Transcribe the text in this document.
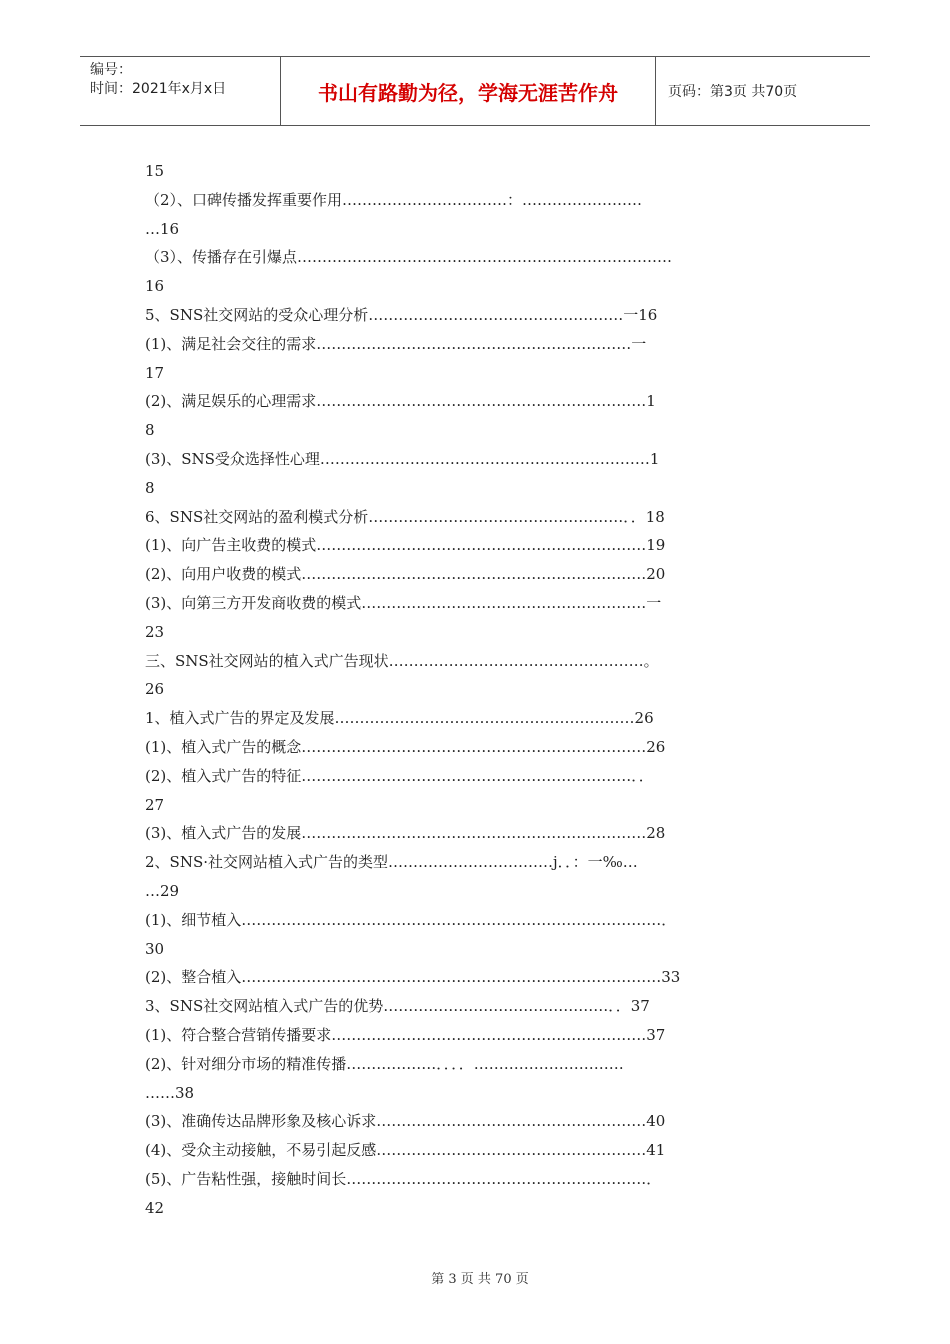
编号：
时间：2021年x月x日	书山有路勤为径，学海无涯苦作舟	页码：第3页 共70页
15
（2）、口碑传播发挥重要作用……………………………：……………………
…16
（3）、传播存在引爆点…………………………………………………………………
16
5、SNS社交网站的受众心理分析……………………………………………一16
(1)、满足社会交往的需求………………………………………………………一
17
(2)、满足娱乐的心理需求…………………………………………………………1
8
(3)、SNS受众选择性心理…………………………………………………………1
8
6、SNS社交网站的盈利模式分析……………………………………………．．18
(1)、向广告主收费的模式…………………………………………………………19
(2)、向用户收费的模式……………………………………………………………20
(3)、向第三方开发商收费的模式…………………………………………………一
23
三、SNS社交网站的植入式广告现状……………………………………………。
26
1、植入式广告的界定及发展……………………………………………………26
(1)、植入式广告的概念……………………………………………………………26
(2)、植入式广告的特征…………………………………………………………．．
27
(3)、植入式广告的发展……………………………………………………………28
2、SNS·社交网站植入式广告的类型……………………………j．．：一‰…
…29
(1)、细节植入…………………………………………………………………………．
30
(2)、整合植入…………………………………………………………………………33
3、SNS社交网站植入式广告的优势………………………………………．．37
(1)、符合整合营销传播要求………………………………………………………37
(2)、针对细分市场的精准传播………………．．．．…………………………
……38
(3)、准确传达品牌形象及核心诉求………………………………………………40
(4)、受众主动接触，不易引起反感………………………………………………41
(5)、广告粘性强，接触时间长……………………………………………………．
42
第 3 页 共 70 页
